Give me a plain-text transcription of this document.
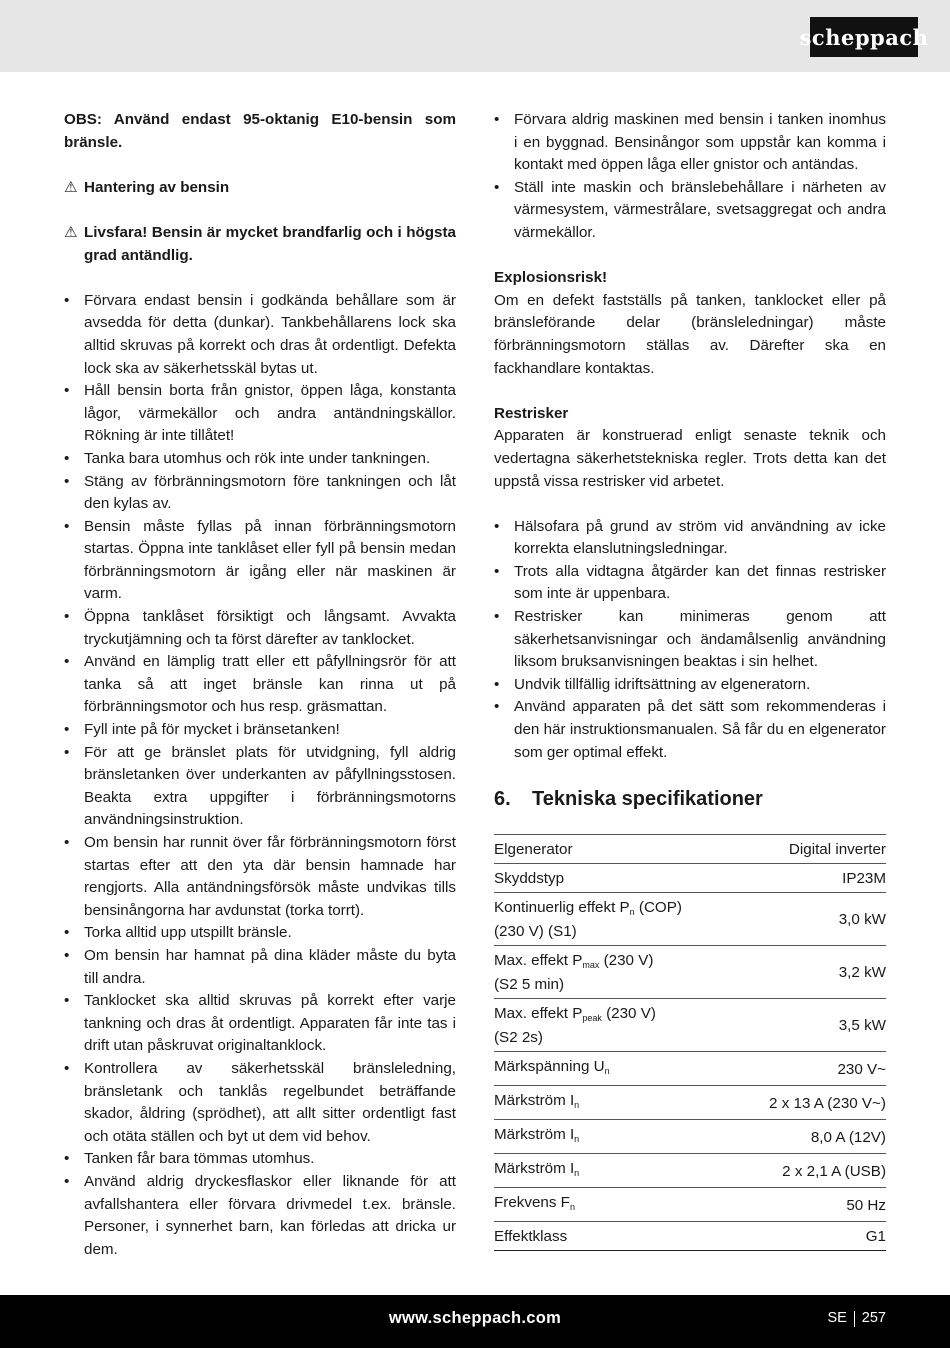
scheppach

OBS: Använd endast 95-oktanig E10-bensin som bränsle.

⚠ Hantering av bensin

⚠ Livsfara! Bensin är mycket brandfarlig och i högsta grad antändlig.

• Förvara endast bensin i godkända behållare som är avsedda för detta (dunkar). Tankbehållarens lock ska alltid skruvas på korrekt och dras åt ordentligt. Defekta lock ska av säkerhetsskäl bytas ut.
• Håll bensin borta från gnistor, öppen låga, konstanta lågor, värmekällor och andra antändningskällor. Rökning är inte tillåtet!
• Tanka bara utomhus och rök inte under tankningen.
• Stäng av förbränningsmotorn före tankningen och låt den kylas av.
• Bensin måste fyllas på innan förbränningsmotorn startas. Öppna inte tanklåset eller fyll på bensin medan förbränningsmotorn är igång eller när maskinen är varm.
• Öppna tanklåset försiktigt och långsamt. Avvakta tryckutjämning och ta först därefter av tanklocket.
• Använd en lämplig tratt eller ett påfyllningsrör för att tanka så att inget bränsle kan rinna ut på förbränningsmotor och hus resp. gräsmattan.
• Fyll inte på för mycket i bränsetanken!
• För att ge bränslet plats för utvidgning, fyll aldrig bränsletanken över underkanten av påfyllningsstosen. Beakta extra uppgifter i förbränningsmotorns användningsinstruktion.
• Om bensin har runnit över får förbränningsmotorn först startas efter att den yta där bensin hamnade har rengjorts. Alla antändningsförsök måste undvikas tills bensinångorna har avdunstat (torka torrt).
• Torka alltid upp utspillt bränsle.
• Om bensin har hamnat på dina kläder måste du byta till andra.
• Tanklocket ska alltid skruvas på korrekt efter varje tankning och dras åt ordentligt. Apparaten får inte tas i drift utan påskruvat originaltanklock.
• Kontrollera av säkerhetsskäl bränsleledning, bränsletank och tanklås regelbundet beträffande skador, åldring (sprödhet), att allt sitter ordentligt fast och otäta ställen och byt ut dem vid behov.
• Tanken får bara tömmas utomhus.
• Använd aldrig dryckesflaskor eller liknande för att avfallshantera eller förvara drivmedel t.ex. bränsle. Personer, i synnerhet barn, kan förledas att dricka ur dem.
• Förvara aldrig maskinen med bensin i tanken inomhus i en byggnad. Bensinångor som uppstår kan komma i kontakt med öppen låga eller gnistor och antändas.
• Ställ inte maskin och bränslebehållare i närheten av värmesystem, värmestrålare, svetsaggregat och andra värmekällor.

Explosionsrisk!

Om en defekt fastställs på tanken, tanklocket eller på bränsleförande delar (bränsleledningar) måste förbränningsmotorn ställas av. Därefter ska en fackhandlare kontaktas.

Restrisker

Apparaten är konstruerad enligt senaste teknik och vedertagna säkerhetstekniska regler. Trots detta kan det uppstå vissa restrisker vid arbetet.

• Hälsofara på grund av ström vid användning av icke korrekta elanslutningsledningar.
• Trots alla vidtagna åtgärder kan det finnas restrisker som inte är uppenbara.
• Restrisker kan minimeras genom att säkerhetsanvisningar och ändamålsenlig användning liksom bruksanvisningen beaktas i sin helhet.
• Undvik tillfällig idriftsättning av elgeneratorn.
• Använd apparaten på det sätt som rekommenderas i den här instruktionsmanualen. Så får du en elgenerator som ger optimal effekt.
6.	Tekniska specifikationer
Elgenerator	Digital inverter
Skyddstyp	IP23M
Kontinuerlig effekt $P_n$ (COP)
(230 V) (S1)	3,0 kW
Max. effekt $P_{max}$ (230 V)
(S2 5 min)	3,2 kW
Max. effekt $P_{peak}$ (230 V)
(S2 2s)	3,5 kW
Märkspänning $U_n$	230 V~
Märkström $I_n$	2 x 13 A (230 V~)
Märkström $I_n$	8,0 A (12V)
Märkström $I_n$	2 x 2,1 A (USB)
Frekvens $F_n$	50 Hz
Effektklass	G1
www.scheppach.com	SE 257
